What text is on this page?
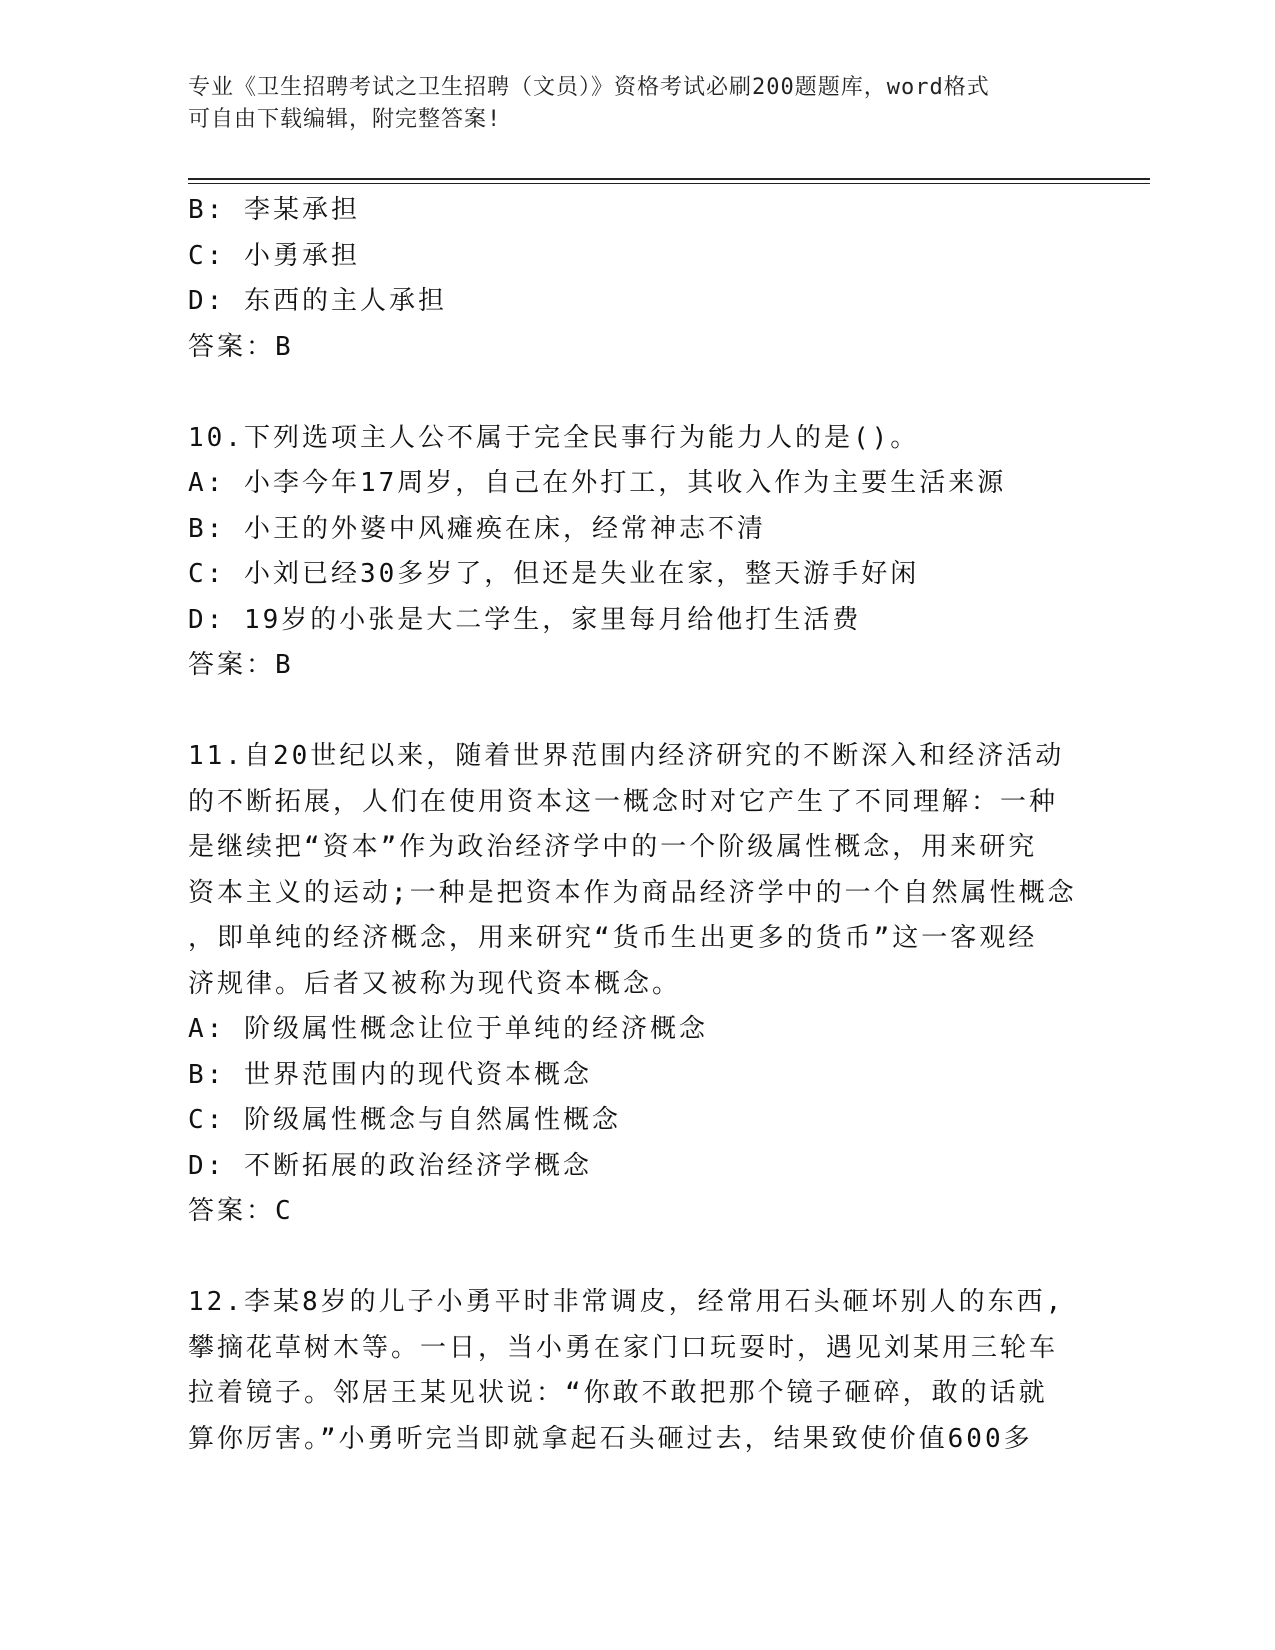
专业《卫生招聘考试之卫生招聘（文员）》资格考试必刷200题题库，word格式
可自由下载编辑，附完整答案!
B: 李某承担
C: 小勇承担
D: 东西的主人承担
答案：B
10.下列选项主人公不属于完全民事行为能力人的是()。
A: 小李今年17周岁，自己在外打工，其收入作为主要生活来源
B: 小王的外婆中风瘫痪在床，经常神志不清
C: 小刘已经30多岁了，但还是失业在家，整天游手好闲
D: 19岁的小张是大二学生，家里每月给他打生活费
答案：B
11.自20世纪以来，随着世界范围内经济研究的不断深入和经济活动
的不断拓展，人们在使用资本这一概念时对它产生了不同理解：一种
是继续把“资本”作为政治经济学中的一个阶级属性概念，用来研究
资本主义的运动;一种是把资本作为商品经济学中的一个自然属性概念
，即单纯的经济概念，用来研究“货币生出更多的货币”这一客观经
济规律。后者又被称为现代资本概念。
A: 阶级属性概念让位于单纯的经济概念
B: 世界范围内的现代资本概念
C: 阶级属性概念与自然属性概念
D: 不断拓展的政治经济学概念
答案：C
12.李某8岁的儿子小勇平时非常调皮，经常用石头砸坏别人的东西,
攀摘花草树木等。一日，当小勇在家门口玩耍时，遇见刘某用三轮车
拉着镜子。邻居王某见状说：“你敢不敢把那个镜子砸碎，敢的话就
算你厉害。”小勇听完当即就拿起石头砸过去，结果致使价值600多
